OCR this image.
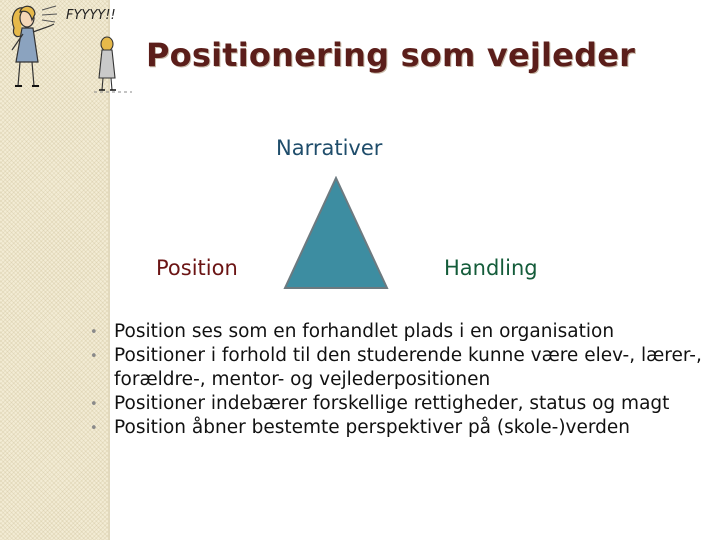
FYYYY!!
Positionering som vejleder
Narrativer
Position	Handling
• Position ses som en forhandlet plads i en organisation
• Positioner i forhold til den studerende kunne være elev-, lærer-, forældre-, mentor- og vejlederpositionen
• Positioner indebærer forskellige rettigheder, status og magt
• Position åbner bestemte perspektiver på (skole-)verden
